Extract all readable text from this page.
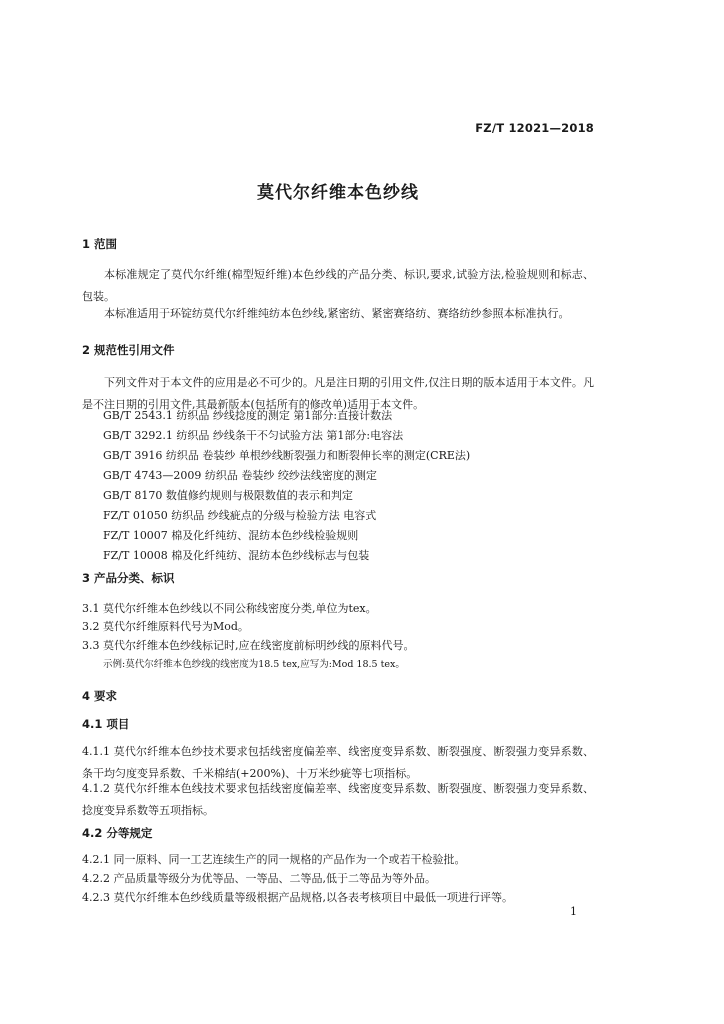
FZ/T 12021—2018
莫代尔纤维本色纱线
1 范围
本标准规定了莫代尔纤维(棉型短纤维)本色纱线的产品分类、标识,要求,试验方法,检验规则和标志、包装。
本标准适用于环锭纺莫代尔纤维纯纺本色纱线,紧密纺、紧密赛络纺、赛络纺纱参照本标准执行。
2 规范性引用文件
下列文件对于本文件的应用是必不可少的。凡是注日期的引用文件,仅注日期的版本适用于本文件。凡是不注日期的引用文件,其最新版本(包括所有的修改单)适用于本文件。
GB/T 2543.1 纺织品 纱线捻度的测定 第1部分:直接计数法
GB/T 3292.1 纺织品 纱线条干不匀试验方法 第1部分:电容法
GB/T 3916 纺织品 卷装纱 单根纱线断裂强力和断裂伸长率的测定(CRE法)
GB/T 4743—2009 纺织品 卷装纱 绞纱法线密度的测定
GB/T 8170 数值修约规则与极限数值的表示和判定
FZ/T 01050 纺织品 纱线疵点的分级与检验方法 电容式
FZ/T 10007 棉及化纤纯纺、混纺本色纱线检验规则
FZ/T 10008 棉及化纤纯纺、混纺本色纱线标志与包装
3 产品分类、标识
3.1 莫代尔纤维本色纱线以不同公称线密度分类,单位为tex。
3.2 莫代尔纤维原料代号为Mod。
3.3 莫代尔纤维本色纱线标记时,应在线密度前标明纱线的原料代号。
示例:莫代尔纤维本色纱线的线密度为18.5 tex,应写为:Mod 18.5 tex。
4 要求
4.1 项目
4.1.1 莫代尔纤维本色纱技术要求包括线密度偏差率、线密度变异系数、断裂强度、断裂强力变异系数、条干均匀度变异系数、千米棉结(+200%)、十万米纱疵等七项指标。
4.1.2 莫代尔纤维本色线技术要求包括线密度偏差率、线密度变异系数、断裂强度、断裂强力变异系数、捻度变异系数等五项指标。
4.2 分等规定
4.2.1 同一原料、同一工艺连续生产的同一规格的产品作为一个或若干检验批。
4.2.2 产品质量等级分为优等品、一等品、二等品,低于二等品为等外品。
4.2.3 莫代尔纤维本色纱线质量等级根据产品规格,以各表考核项目中最低一项进行评等。
1
